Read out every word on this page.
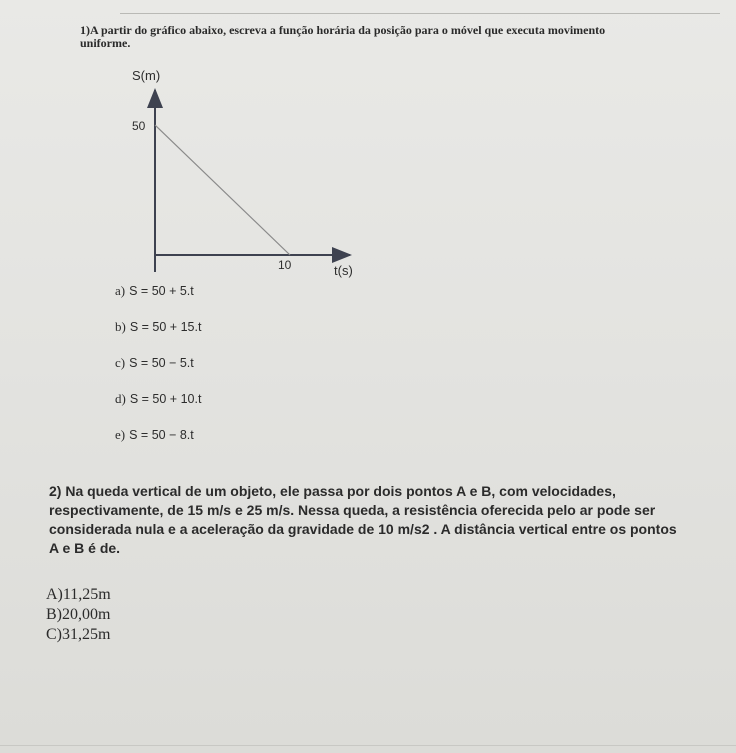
1)A partir do gráfico abaixo, escreva a função horária da posição para o móvel que executa movimento uniforme.
S(m)
t(s)
50
10
a) S = 50 + 5.t
b) S = 50 + 15.t
c) S = 50 − 5.t
d) S = 50 + 10.t
e) S = 50 − 8.t
2) Na queda vertical de um objeto, ele passa por dois pontos A e B, com velocidades, respectivamente, de 15 m/s e 25 m/s. Nessa queda, a resistência oferecida pelo ar pode ser considerada nula e a aceleração da gravidade de 10 m/s2 . A distância vertical entre os pontos A e B é de.
A)11,25m
B)20,00m
C)31,25m
